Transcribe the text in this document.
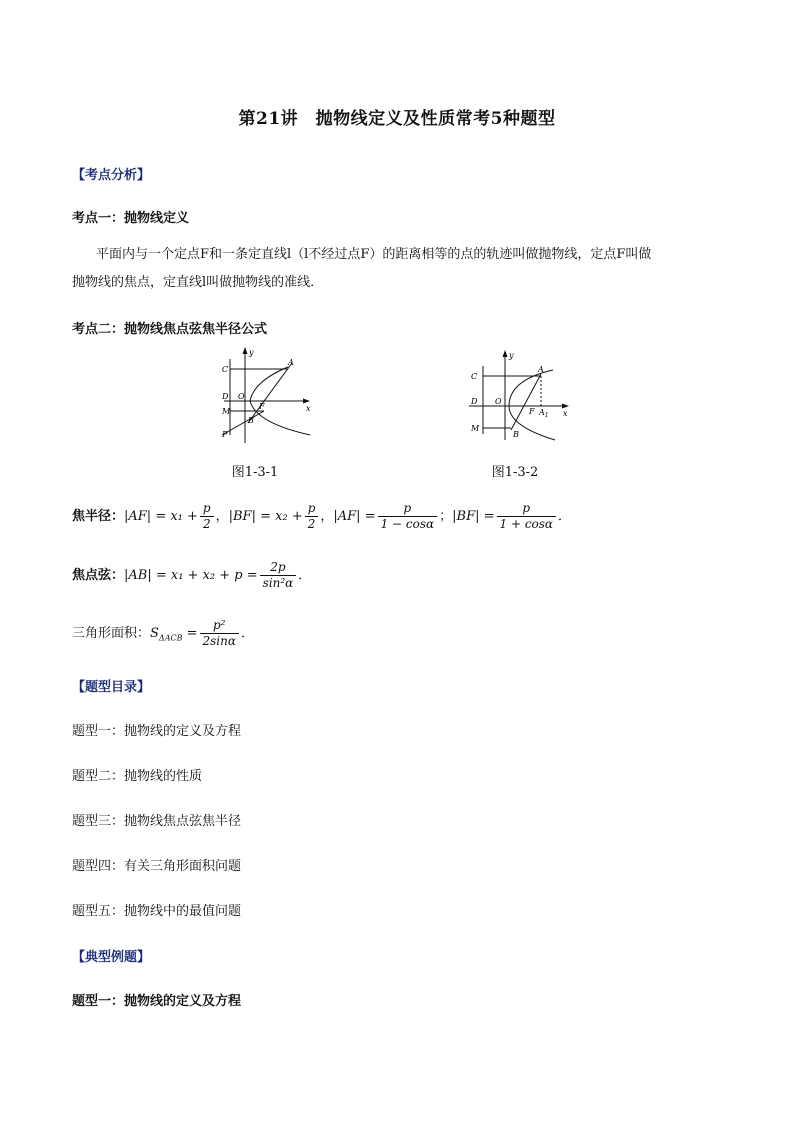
第21讲　抛物线定义及性质常考5种题型
【考点分析】
考点一：抛物线定义
平面内与一个定点F和一条定直线l（l不经过点F）的距离相等的点的轨迹叫做抛物线，定点F叫做
抛物线的焦点，定直线l叫做抛物线的准线．
考点二：抛物线焦点弦焦半径公式
y
x
A
C
D O
M
F
B
P
y
x
A
C
D O
M
F $A_1$
B
图1-3-1	图1-3-2
焦半径：$|AF| = x_1 + \frac{p}{2}$ ，$|BF| = x_2 + \frac{p}{2}$ ，$|AF| = \frac{p}{1 - \cos\alpha}$ ；$|BF| = \frac{p}{1 + \cos\alpha}$ ．
焦点弦：$|AB| = x_1 + x_2 + p = \frac{2p}{\text{sin²α}}$ ．
三角形面积：$S_{\Delta ACB} = \frac{\text{p²}}{2\sin\alpha}$ ．
【题型目录】
题型一：抛物线的定义及方程
题型二：抛物线的性质
题型三：抛物线焦点弦焦半径
题型四：有关三角形面积问题
题型五：抛物线中的最值问题
【典型例题】
题型一：抛物线的定义及方程
